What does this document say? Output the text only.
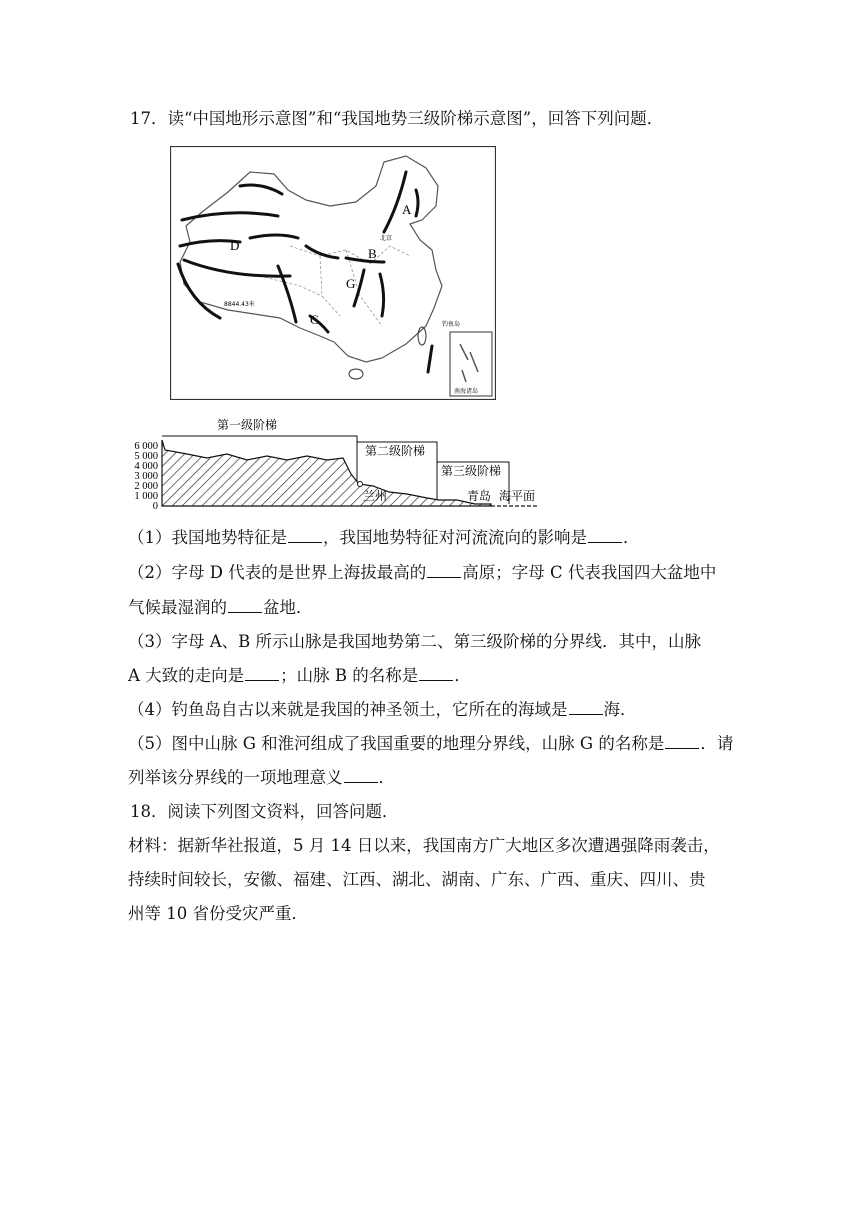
17．读“中国地形示意图”和“我国地势三级阶梯示意图”，回答下列问题．
A
B
C
D
G
北京
钓鱼岛
南海诸岛
8844.43米
6 000
5 000
4 000
3 000
2 000
1 000
0
第一级阶梯
第二级阶梯
第三级阶梯
兰州	青岛 海平面
（1）我国地势特征是 ，我国地势特征对河流流向的影响是 ．
（2）字母 D 代表的是世界上海拔最高的 高原；字母 C 代表我国四大盆地中
气候最湿润的 盆地．
（3）字母 A、B 所示山脉是我国地势第二、第三级阶梯的分界线．其中，山脉
A 大致的走向是 ；山脉 B 的名称是 ．
（4）钓鱼岛自古以来就是我国的神圣领土，它所在的海域是 海．
（5）图中山脉 G 和淮河组成了我国重要的地理分界线，山脉 G 的名称是 ．请
列举该分界线的一项地理意义 ．
18．阅读下列图文资料，回答问题．
材料：据新华社报道，5 月 14 日以来，我国南方广大地区多次遭遇强降雨袭击，
持续时间较长，安徽、福建、江西、湖北、湖南、广东、广西、重庆、四川、贵
州等 10 省份受灾严重．
